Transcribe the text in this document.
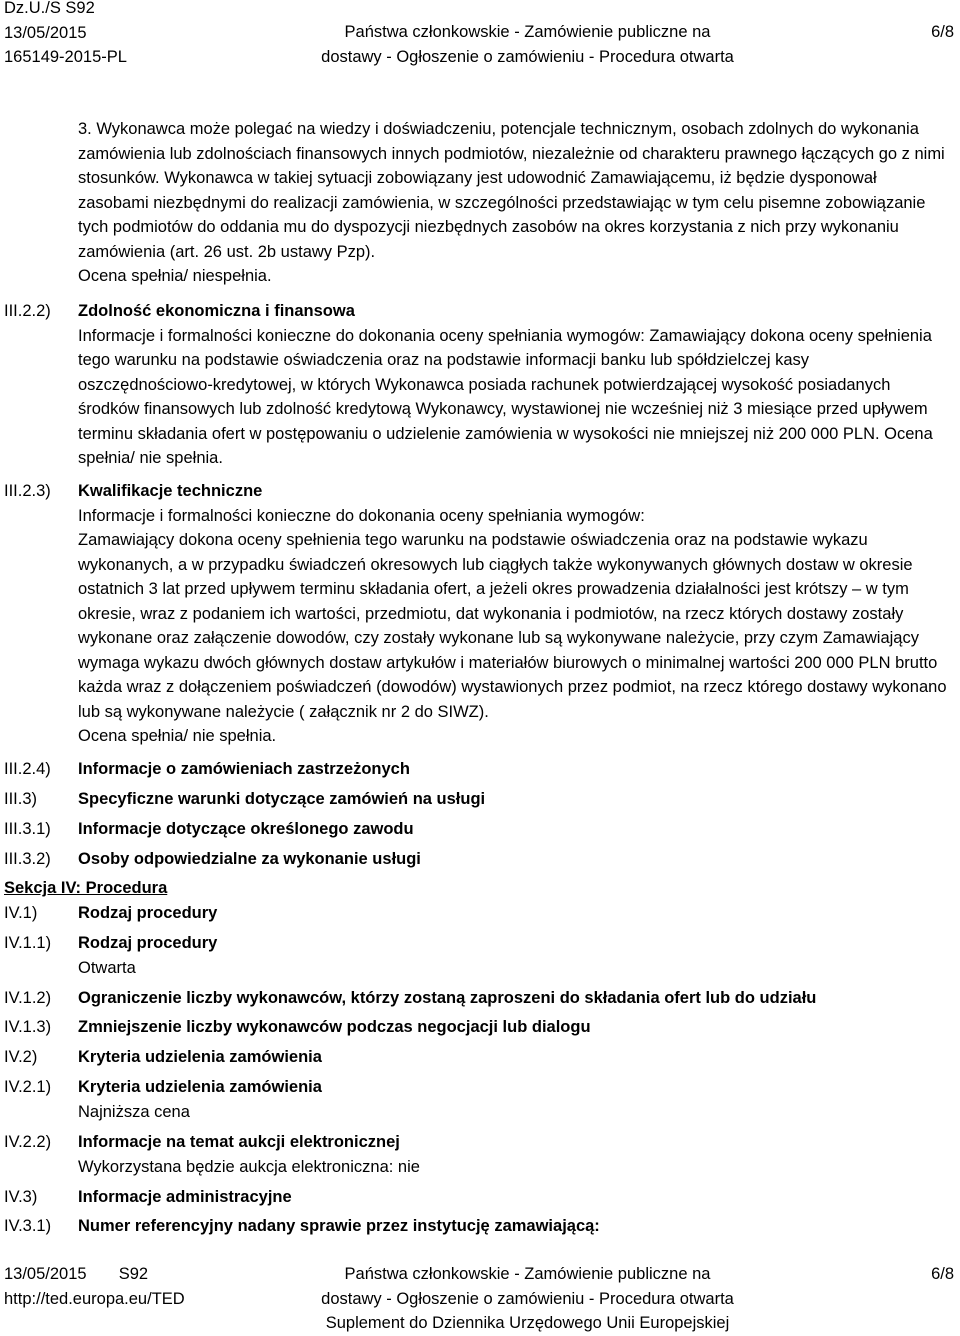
Dz.U./S S92
13/05/2015
165149-2015-PL
Państwa członkowskie - Zamówienie publiczne na
dostawy - Ogłoszenie o zamówieniu - Procedura otwarta
6/8

3. Wykonawca może polegać na wiedzy i doświadczeniu, potencjale technicznym, osobach zdolnych do wykonania zamówienia lub zdolnościach finansowych innych podmiotów, niezależnie od charakteru prawnego łączących go z nimi stosunków. Wykonawca w takiej sytuacji zobowiązany jest udowodnić Zamawiającemu, iż będzie dysponował zasobami niezbędnymi do realizacji zamówienia, w szczególności przedstawiając w tym celu pisemne zobowiązanie tych podmiotów do oddania mu do dyspozycji niezbędnych zasobów na okres korzystania z nich przy wykonaniu zamówienia (art. 26 ust. 2b ustawy Pzp).

Ocena spełnia/ niespełnia.
III.2.2) Zdolność ekonomiczna i finansowa

Informacje i formalności konieczne do dokonania oceny spełniania wymogów: Zamawiający dokona oceny spełnienia tego warunku na podstawie oświadczenia oraz na podstawie informacji banku lub spółdzielczej kasy oszczędnościowo-kredytowej, w których Wykonawca posiada rachunek potwierdzającej wysokość posiadanych środków finansowych lub zdolność kredytową Wykonawcy, wystawionej nie wcześniej niż 3 miesiące przed upływem terminu składania ofert w postępowaniu o udzielenie zamówienia w wysokości nie mniejszej niż 200 000 PLN. Ocena spełnia/ nie spełnia.

III.2.3) Kwalifikacje techniczne
Informacje i formalności konieczne do dokonania oceny spełniania wymogów:

Zamawiający dokona oceny spełnienia tego warunku na podstawie oświadczenia oraz na podstawie wykazu wykonanych, a w przypadku świadczeń okresowych lub ciągłych także wykonywanych głównych dostaw w okresie ostatnich 3 lat przed upływem terminu składania ofert, a jeżeli okres prowadzenia działalności jest krótszy – w tym okresie, wraz z podaniem ich wartości, przedmiotu, dat wykonania i podmiotów, na rzecz których dostawy zostały wykonane oraz załączenie dowodów, czy zostały wykonane lub są wykonywane należycie, przy czym Zamawiający wymaga wykazu dwóch głównych dostaw artykułów i materiałów biurowych o minimalnej wartości 200 000 PLN brutto każda wraz z dołączeniem poświadczeń (dowodów) wystawionych przez podmiot, na rzecz którego dostawy wykonano lub są wykonywane należycie ( załącznik nr 2 do SIWZ).

Ocena spełnia/ nie spełnia.
III.2.4) Informacje o zamówieniach zastrzeżonych
III.3) Specyficzne warunki dotyczące zamówień na usługi
III.3.1) Informacje dotyczące określonego zawodu
III.3.2) Osoby odpowiedzialne za wykonanie usługi
Sekcja IV: Procedura
IV.1) Rodzaj procedury
IV.1.1) Rodzaj procedury
Otwarta
IV.1.2) Ograniczenie liczby wykonawców, którzy zostaną zaproszeni do składania ofert lub do udziału
IV.1.3) Zmniejszenie liczby wykonawców podczas negocjacji lub dialogu
IV.2) Kryteria udzielenia zamówienia
IV.2.1) Kryteria udzielenia zamówienia
Najniższa cena
IV.2.2) Informacje na temat aukcji elektronicznej
Wykorzystana będzie aukcja elektroniczna: nie
IV.3) Informacje administracyjne
IV.3.1) Numer referencyjny nadany sprawie przez instytucję zamawiającą:
13/05/2015 S92
http://ted.europa.eu/TED
Państwa członkowskie - Zamówienie publiczne na
dostawy - Ogłoszenie o zamówieniu - Procedura otwarta
Suplement do Dziennika Urzędowego Unii Europejskiej
6/8
